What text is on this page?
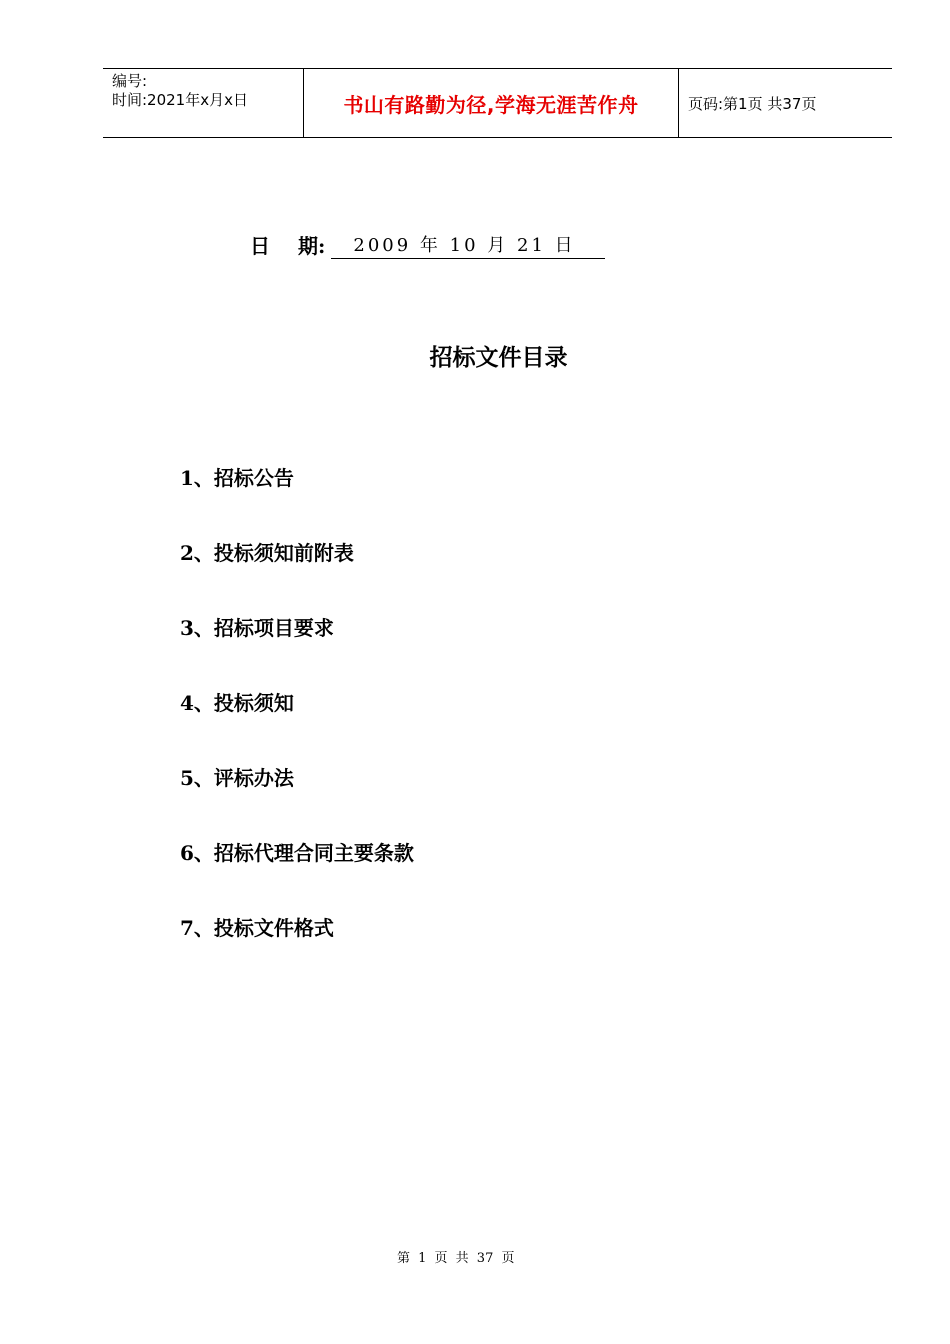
编号:
时间:2021年x月x日	书山有路勤为径,学海无涯苦作舟	页码:第1页 共37页
日 期:	2009 年 10 月 21 日
招标文件目录
1、招标公告
2、投标须知前附表
3、招标项目要求
4、投标须知
5、评标办法
6、招标代理合同主要条款
7、投标文件格式
第 1 页 共 37 页
